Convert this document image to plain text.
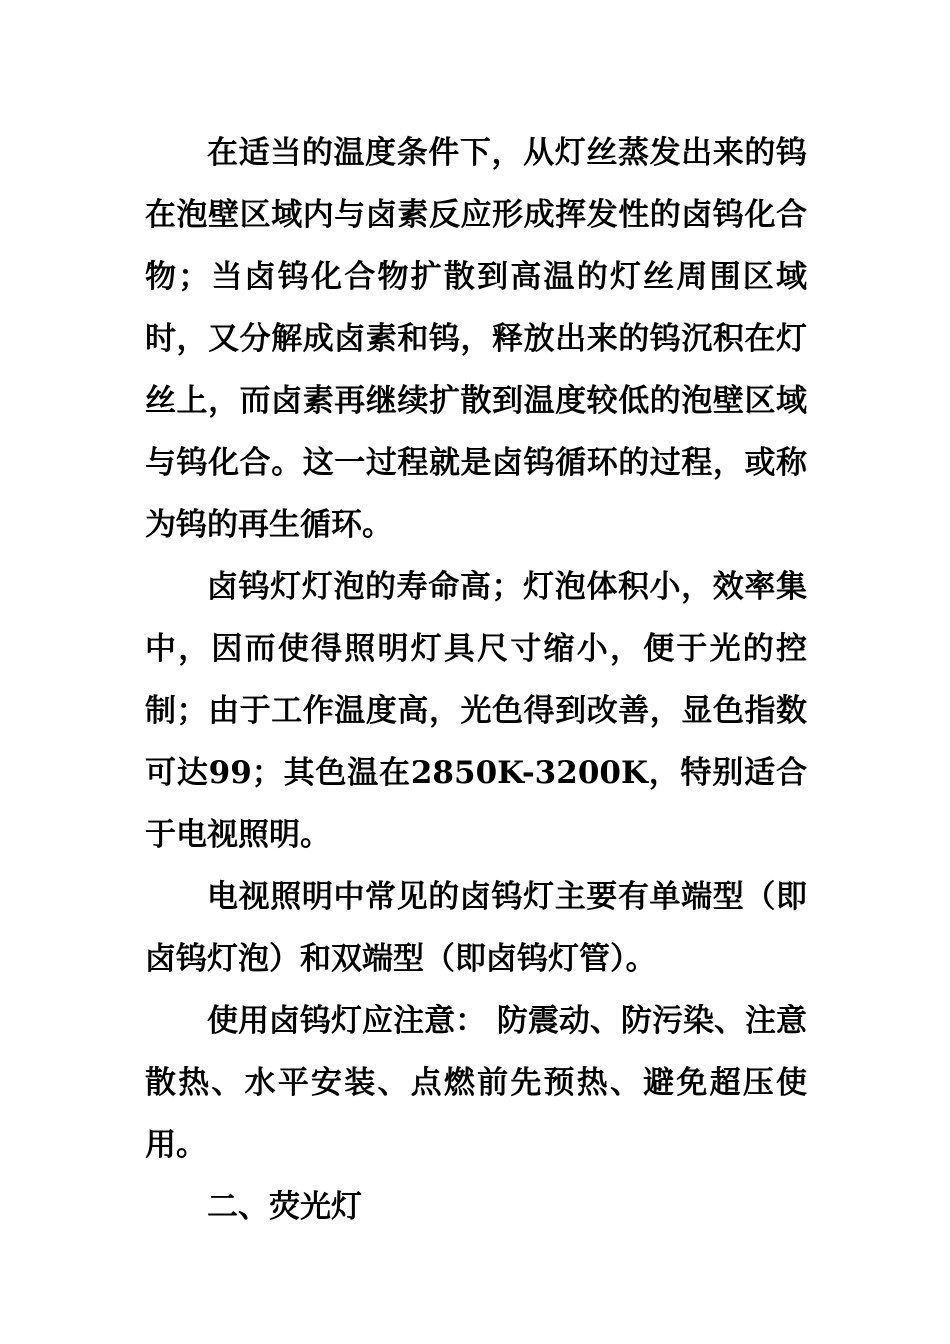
在适当的温度条件下，从灯丝蒸发出来的钨在泡壁区域内与卤素反应形成挥发性的卤钨化合物；当卤钨化合物扩散到高温的灯丝周围区域时，又分解成卤素和钨，释放出来的钨沉积在灯丝上，而卤素再继续扩散到温度较低的泡壁区域与钨化合。这一过程就是卤钨循环的过程，或称为钨的再生循环。

卤钨灯灯泡的寿命高；灯泡体积小，效率集中，因而使得照明灯具尺寸缩小，便于光的控制；由于工作温度高，光色得到改善，显色指数可达99；其色温在2850K-3200K，特别适合于电视照明。

电视照明中常见的卤钨灯主要有单端型（即卤钨灯泡）和双端型（即卤钨灯管）。

使用卤钨灯应注意： 防震动、防污染、注意散热、水平安装、点燃前先预热、避免超压使用。

二、荧光灯
